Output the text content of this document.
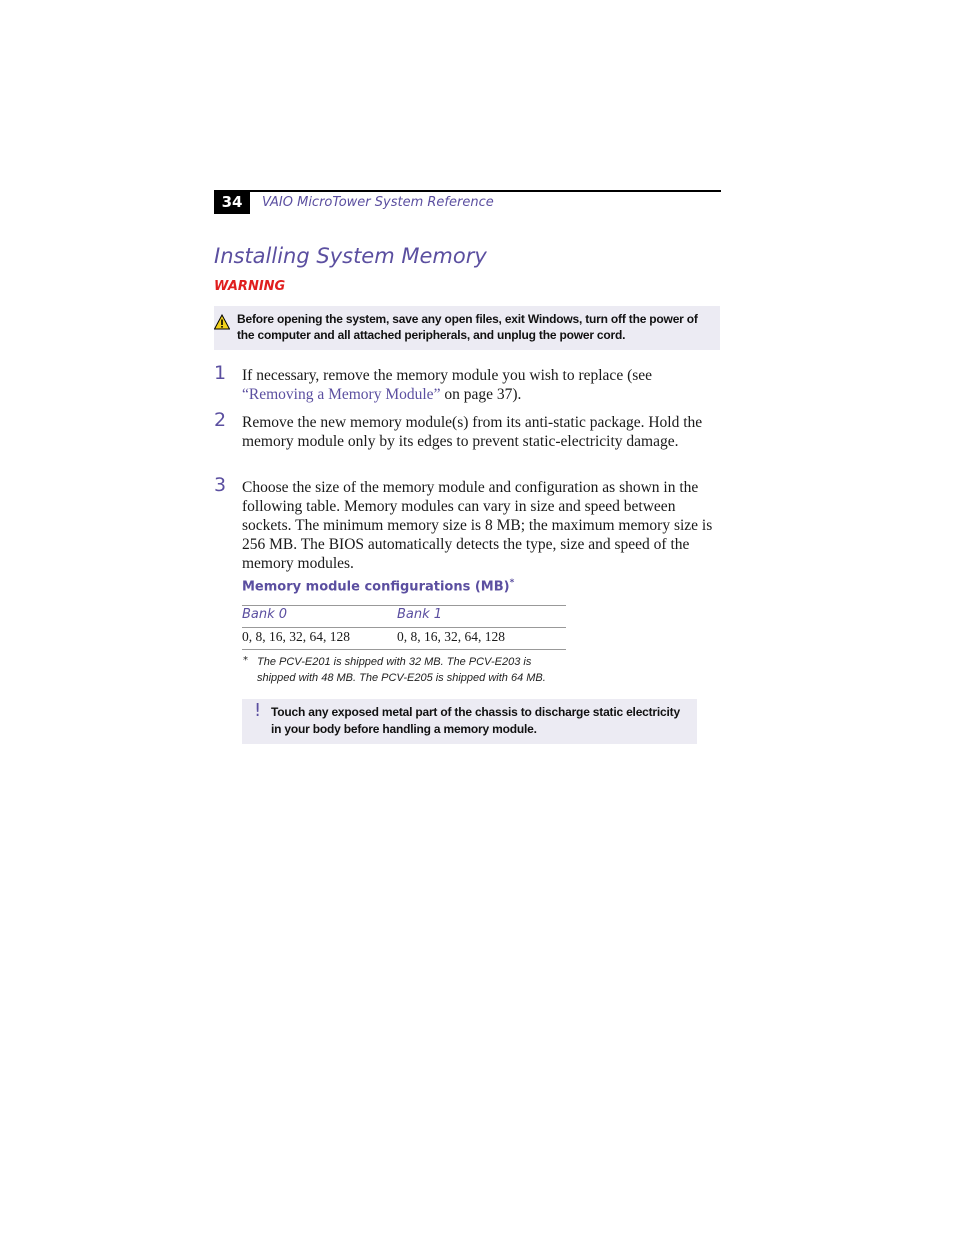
34	VAIO MicroTower System Reference
Installing System Memory
WARNING
Before opening the system, save any open files, exit Windows, turn off the power of the computer and all attached peripherals, and unplug the power cord.
1 If necessary, remove the memory module you wish to replace (see “Removing a Memory Module” on page 37).
2 Remove the new memory module(s) from its anti-static package. Hold the memory module only by its edges to prevent static-electricity damage.
3 Choose the size of the memory module and configuration as shown in the following table. Memory modules can vary in size and speed between sockets. The minimum memory size is 8 MB; the maximum memory size is 256 MB. The BIOS automatically detects the type, size and speed of the memory modules.
Memory module configurations (MB)*
Bank 0	Bank 1
0, 8, 16, 32, 64, 128	0, 8, 16, 32, 64, 128
* The PCV-E201 is shipped with 32 MB. The PCV-E203 is shipped with 48 MB. The PCV-E205 is shipped with 64 MB.
! Touch any exposed metal part of the chassis to discharge static electricity in your body before handling a memory module.
